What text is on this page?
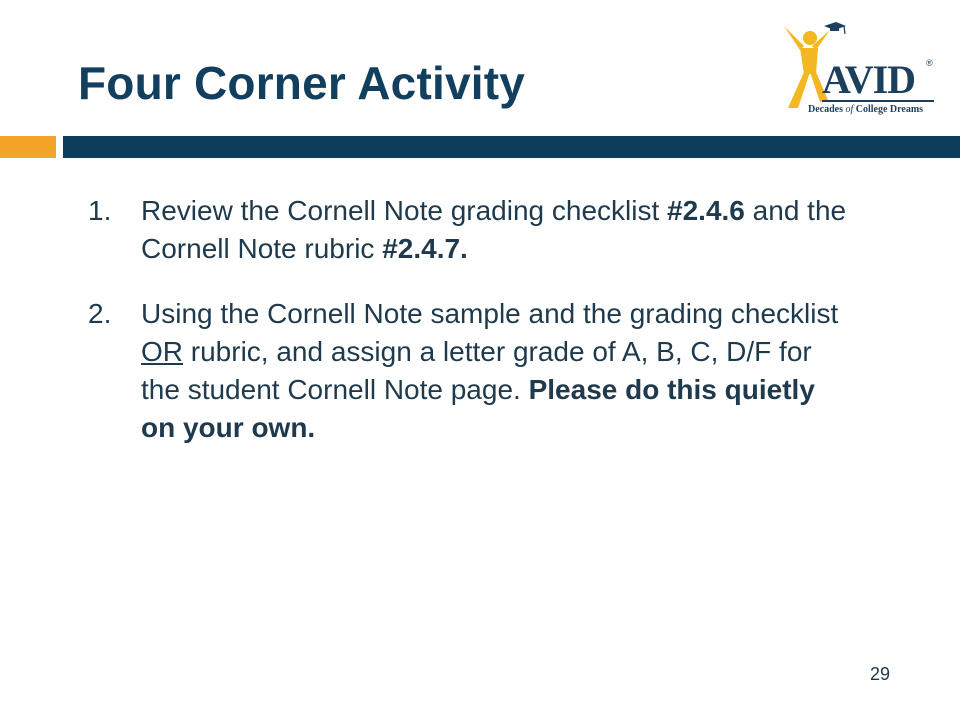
Four Corner Activity	AVID ®
Decades of College Dreams
1. Review the Cornell Note grading checklist #2.4.6 and the Cornell Note rubric #2.4.7.
2. Using the Cornell Note sample and the grading checklist OR rubric, and assign a letter grade of A, B, C, D/F for the student Cornell Note page. Please do this quietly on your own.
29
